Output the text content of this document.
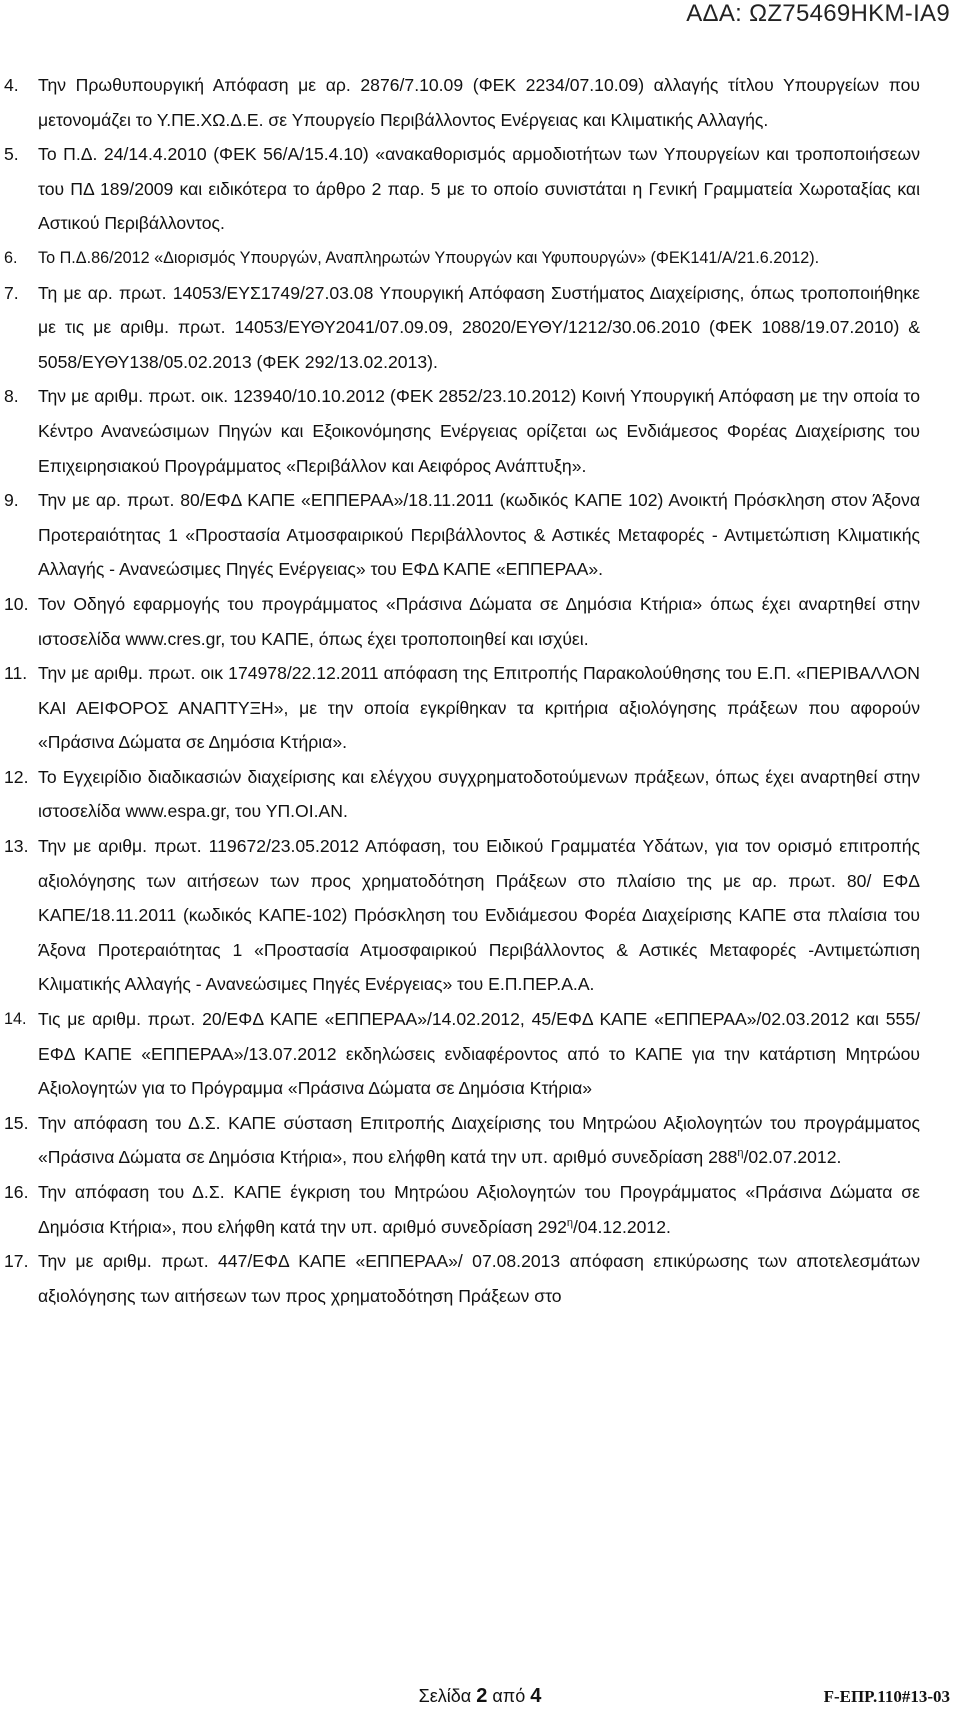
ΑΔΑ: ΩΖ75469ΗΚΜ-ΙΑ9
4. Την Πρωθυπουργική Απόφαση με αρ. 2876/7.10.09 (ΦΕΚ 2234/07.10.09) αλλαγής τίτλου Υπουργείων που μετονομάζει το Υ.ΠΕ.ΧΩ.Δ.Ε. σε Υπουργείο Περιβάλλοντος Ενέργειας και Κλιματικής Αλλαγής.
5. Το Π.Δ. 24/14.4.2010 (ΦΕΚ 56/Α/15.4.10) «ανακαθορισμός αρμοδιοτήτων των Υπουργείων και τροποποιήσεων του ΠΔ 189/2009 και ειδικότερα το άρθρο 2 παρ. 5 με το οποίο συνιστάται η Γενική Γραμματεία Χωροταξίας και Αστικού Περιβάλλοντος.
6. Το Π.Δ.86/2012 «Διορισμός Υπουργών, Αναπληρωτών Υπουργών και Υφυπουργών» (ΦΕΚ141/Α/21.6.2012).
7. Τη με αρ. πρωτ. 14053/ΕΥΣ1749/27.03.08 Υπουργική Απόφαση Συστήματος Διαχείρισης, όπως τροποποιήθηκε με τις με αριθμ. πρωτ. 14053/ΕΥΘΥ2041/07.09.09, 28020/ΕΥΘΥ/1212/30.06.2010 (ΦΕΚ 1088/19.07.2010) & 5058/ΕΥΘΥ138/05.02.2013 (ΦΕΚ 292/13.02.2013).
8. Την με αριθμ. πρωτ. οικ. 123940/10.10.2012 (ΦΕΚ 2852/23.10.2012) Κοινή Υπουργική Απόφαση με την οποία το Κέντρο Ανανεώσιμων Πηγών και Εξοικονόμησης Ενέργειας ορίζεται ως Ενδιάμεσος Φορέας Διαχείρισης του Επιχειρησιακού Προγράμματος «Περιβάλλον και Αειφόρος Ανάπτυξη».
9. Την με αρ. πρωτ. 80/ΕΦΔ ΚΑΠΕ «ΕΠΠΕΡΑΑ»/18.11.2011 (κωδικός ΚΑΠΕ 102) Ανοικτή Πρόσκληση στον Άξονα Προτεραιότητας 1 «Προστασία Ατμοσφαιρικού Περιβάλλοντος & Αστικές Μεταφορές - Αντιμετώπιση Κλιματικής Αλλαγής - Ανανεώσιμες Πηγές Ενέργειας» του ΕΦΔ ΚΑΠΕ «ΕΠΠΕΡΑΑ».
10. Τον Οδηγό εφαρμογής του προγράμματος «Πράσινα Δώματα σε Δημόσια Κτήρια» όπως έχει αναρτηθεί στην ιστοσελίδα www.cres.gr, του ΚΑΠΕ, όπως έχει τροποποιηθεί και ισχύει.
11. Την με αριθμ. πρωτ. οικ 174978/22.12.2011 απόφαση της Επιτροπής Παρακολούθησης του Ε.Π. «ΠΕΡΙΒΑΛΛΟΝ ΚΑΙ ΑΕΙΦΟΡΟΣ ΑΝΑΠΤΥΞΗ», με την οποία εγκρίθηκαν τα κριτήρια αξιολόγησης πράξεων που αφορούν «Πράσινα Δώματα σε Δημόσια Κτήρια».
12. Το Εγχειρίδιο διαδικασιών διαχείρισης και ελέγχου συγχρηματοδοτούμενων πράξεων, όπως έχει αναρτηθεί στην ιστοσελίδα www.espa.gr, του ΥΠ.ΟΙ.ΑΝ.
13. Την με αριθμ. πρωτ. 119672/23.05.2012 Απόφαση, του Ειδικού Γραμματέα Υδάτων, για τον ορισμό επιτροπής αξιολόγησης των αιτήσεων των προς χρηματοδότηση Πράξεων στο πλαίσιο της με αρ. πρωτ. 80/ ΕΦΔ ΚΑΠΕ/18.11.2011 (κωδικός ΚΑΠΕ-102) Πρόσκληση του Ενδιάμεσου Φορέα Διαχείρισης ΚΑΠΕ στα πλαίσια του Άξονα Προτεραιότητας 1 «Προστασία Ατμοσφαιρικού Περιβάλλοντος & Αστικές Μεταφορές -Αντιμετώπιση Κλιματικής Αλλαγής - Ανανεώσιμες Πηγές Ενέργειας» του Ε.Π.ΠΕΡ.Α.Α.
14. Τις με αριθμ. πρωτ. 20/ΕΦΔ ΚΑΠΕ «ΕΠΠΕΡΑΑ»/14.02.2012, 45/ΕΦΔ ΚΑΠΕ «ΕΠΠΕΡΑΑ»/02.03.2012 και 555/ΕΦΔ ΚΑΠΕ «ΕΠΠΕΡΑΑ»/13.07.2012 εκδηλώσεις ενδιαφέροντος από το ΚΑΠΕ για την κατάρτιση Μητρώου Αξιολογητών για το Πρόγραμμα «Πράσινα Δώματα σε Δημόσια Κτήρια»
15. Την απόφαση του Δ.Σ. ΚΑΠΕ σύσταση Επιτροπής Διαχείρισης του Μητρώου Αξιολογητών του προγράμματος «Πράσινα Δώματα σε Δημόσια Κτήρια», που ελήφθη κατά την υπ. αριθμό συνεδρίαση $288^\eta/02.07.2012$.
16. Την απόφαση του Δ.Σ. ΚΑΠΕ έγκριση του Μητρώου Αξιολογητών του Προγράμματος «Πράσινα Δώματα σε Δημόσια Κτήρια», που ελήφθη κατά την υπ. αριθμό συνεδρίαση $292^\eta/04.12.2012$.
17. Την με αριθμ. πρωτ. 447/ΕΦΔ ΚΑΠΕ «ΕΠΠΕΡΑΑ»/ 07.08.2013 απόφαση επικύρωσης των αποτελεσμάτων αξιολόγησης των αιτήσεων των προς χρηματοδότηση Πράξεων στο
Σελίδα 2 από 4	F-ΕΠΡ.110#13-03
